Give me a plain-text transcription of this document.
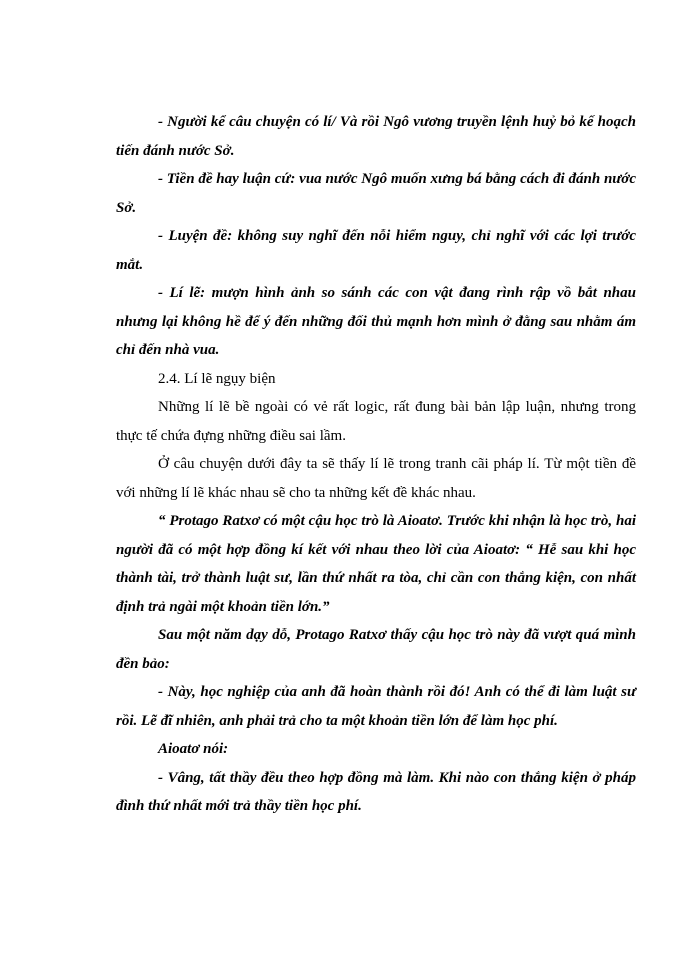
- Người kể câu chuyện có lí/ Và rồi Ngô vương truyền lệnh huỷ bỏ kế hoạch tiến đánh nước Sở.

- Tiền đề hay luận cứ: vua nước Ngô muốn xưng bá bằng cách đi đánh nước Sở.

- Luyện đề: không suy nghĩ đến nỗi hiểm nguy, chỉ nghĩ với các lợi trước mắt.

- Lí lẽ: mượn hình ảnh so sánh các con vật đang rình rập vồ bắt nhau nhưng lại không hề để ý đến những đối thủ mạnh hơn mình ở đằng sau nhằm ám chỉ đến nhà vua.

2.4. Lí lẽ ngụy biện

Những lí lẽ bề ngoài có vẻ rất logic, rất đung bài bản lập luận, nhưng trong thực tế chứa đựng những điều sai lầm.

Ở câu chuyện dưới đây ta sẽ thấy lí lẽ trong tranh cãi pháp lí. Từ một tiền đề với những lí lẽ khác nhau sẽ cho ta những kết đề khác nhau.

“ Protago Ratxơ có một cậu học trò là Aioatơ. Trước khi nhận là học trò, hai người đã có một hợp đồng kí kết với nhau theo lời của Aioatơ: “ Hễ sau khi học thành tài, trở thành luật sư, lần thứ nhất ra tòa, chỉ cần con thắng kiện, con nhất định trả ngài một khoản tiền lớn.”

Sau một năm dạy dỗ, Protago Ratxơ thấy cậu học trò này đã vượt quá mình đền bảo:

- Này, học nghiệp của anh đã hoàn thành rồi đó! Anh có thể đi làm luật sư rồi. Lẽ đĩ nhiên, anh phải trả cho ta một khoản tiền lớn để làm học phí.

Aioatơ nói:

- Vâng, tất thầy đều theo hợp đồng mà làm. Khi nào con thắng kiện ở pháp đình thứ nhất mới trả thầy tiền học phí.
